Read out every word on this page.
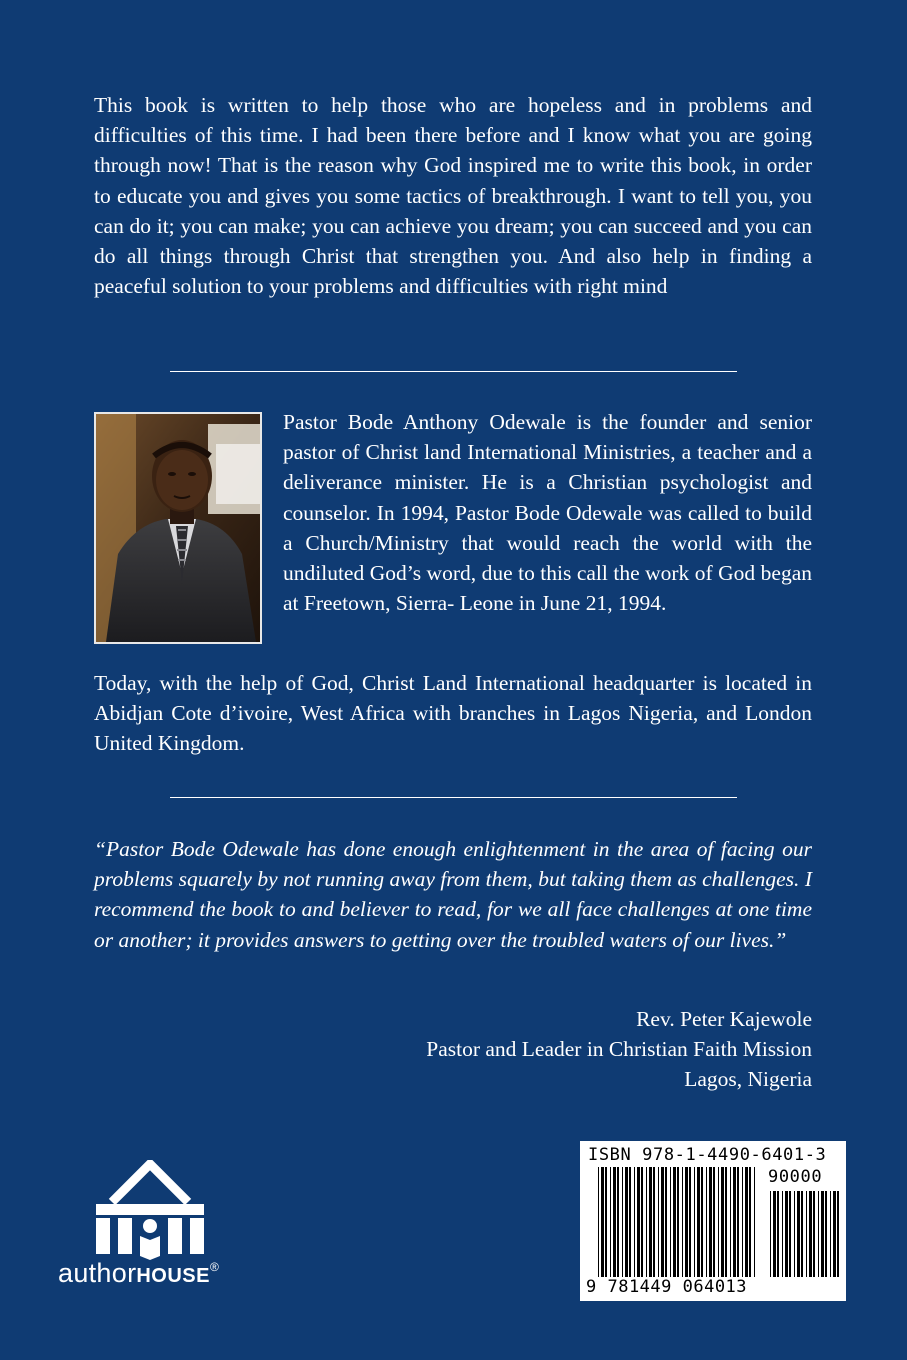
This book is written to help those who are hopeless and in problems and difficulties of this time. I had been there before and I know what you are going through now! That is the reason why God inspired me to write this book, in order to educate you and gives you some tactics of breakthrough. I want to tell you, you can do it; you can make; you can achieve you dream; you can succeed and you can do all things through Christ that strengthen you. And also help in finding a peaceful solution to your problems and difficulties with right mind

Pastor Bode Anthony Odewale is the founder and senior pastor of Christ land International Ministries, a teacher and a deliverance minister. He is a Christian psychologist and counselor. In 1994, Pastor Bode Odewale was called to build a Church/Ministry that would reach the world with the undiluted God’s word, due to this call the work of God began at Freetown, Sierra- Leone in June 21, 1994.

Today, with the help of God, Christ Land International headquarter is located in Abidjan Cote d’ivoire, West Africa with branches in Lagos Nigeria, and London United Kingdom.

“Pastor Bode Odewale has done enough enlightenment in the area of facing our problems squarely by not running away from them, but taking them as challenges. I recommend the book to and believer to read, for we all face challenges at one time or another; it provides answers to getting over the troubled waters of our lives.”

Rev. Peter Kajewole
Pastor and Leader in Christian Faith Mission
Lagos, Nigeria
authorHOUSE®
ISBN 978-1-4490-6401-3
90000
9 781449 064013
